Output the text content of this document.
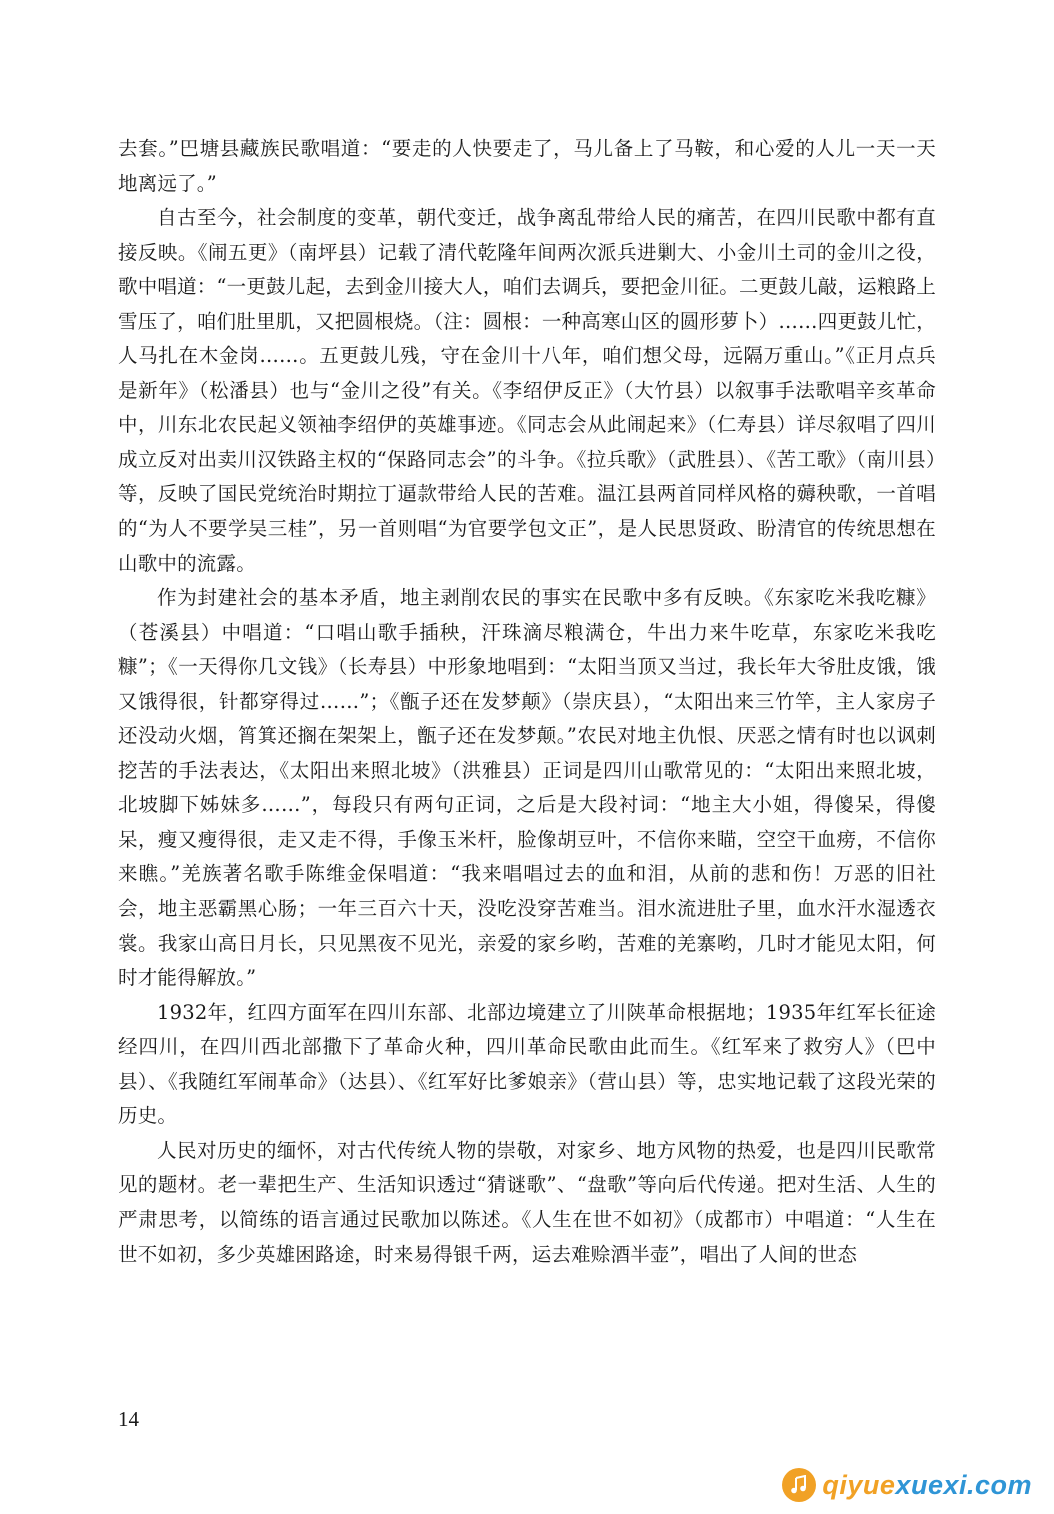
去套。”巴塘县藏族民歌唱道：“要走的人快要走了，马儿备上了马鞍，和心爱的人儿一天一天地离远了。”

自古至今，社会制度的变革，朝代变迁，战争离乱带给人民的痛苦，在四川民歌中都有直接反映。《闹五更》（南坪县）记载了清代乾隆年间两次派兵进剿大、小金川土司的金川之役，歌中唱道：“一更鼓儿起，去到金川接大人，咱们去调兵，要把金川征。二更鼓儿敲，运粮路上雪压了，咱们肚里肌，又把圆根烧。（注：圆根：一种高寒山区的圆形萝卜）……四更鼓儿忙，人马扎在木金岗……。五更鼓儿残，守在金川十八年，咱们想父母，远隔万重山。”《正月点兵是新年》（松潘县）也与“金川之役”有关。《李绍伊反正》（大竹县）以叙事手法歌唱辛亥革命中，川东北农民起义领袖李绍伊的英雄事迹。《同志会从此闹起来》（仁寿县）详尽叙唱了四川成立反对出卖川汉铁路主权的“保路同志会”的斗争。《拉兵歌》（武胜县）、《苦工歌》（南川县）等，反映了国民党统治时期拉丁逼款带给人民的苦难。温江县两首同样风格的薅秧歌，一首唱的“为人不要学吴三桂”，另一首则唱“为官要学包文正”，是人民思贤政、盼清官的传统思想在山歌中的流露。

作为封建社会的基本矛盾，地主剥削农民的事实在民歌中多有反映。《东家吃米我吃糠》（苍溪县）中唱道：“口唱山歌手插秧，汗珠滴尽粮满仓，牛出力来牛吃草，东家吃米我吃糠”；《一天得你几文钱》（长寿县）中形象地唱到：“太阳当顶又当过，我长年大爷肚皮饿，饿又饿得很，针都穿得过……”；《甑子还在发梦颠》（崇庆县），“太阳出来三竹竿，主人家房子还没动火烟，筲箕还搁在架架上，甑子还在发梦颠。”农民对地主仇恨、厌恶之情有时也以讽刺挖苦的手法表达，《太阳出来照北坡》（洪雅县）正词是四川山歌常见的：“太阳出来照北坡，北坡脚下姊妹多……”，每段只有两句正词，之后是大段衬词：“地主大小姐，得傻呆，得傻呆，瘦又瘦得很，走又走不得，手像玉米杆，脸像胡豆叶，不信你来瞄，空空干血痨，不信你来瞧。”羌族著名歌手陈维金保唱道：“我来唱唱过去的血和泪，从前的悲和伤！万恶的旧社会，地主恶霸黑心肠；一年三百六十天，没吃没穿苦难当。泪水流进肚子里，血水汗水湿透衣裳。我家山高日月长，只见黑夜不见光，亲爱的家乡哟，苦难的羌寨哟，几时才能见太阳，何时才能得解放。”

1932年，红四方面军在四川东部、北部边境建立了川陕革命根据地；1935年红军长征途经四川，在四川西北部撒下了革命火种，四川革命民歌由此而生。《红军来了救穷人》（巴中县）、《我随红军闹革命》（达县）、《红军好比爹娘亲》（营山县）等，忠实地记载了这段光荣的历史。

人民对历史的缅怀，对古代传统人物的崇敬，对家乡、地方风物的热爱，也是四川民歌常见的题材。老一辈把生产、生活知识透过“猜谜歌”、“盘歌”等向后代传递。把对生活、人生的严肃思考，以简练的语言通过民歌加以陈述。《人生在世不如初》（成都市）中唱道：“人生在世不如初，多少英雄困路途，时来易得银千两，运去难赊酒半壶”，唱出了人间的世态

14
qiyuexuexi.com
